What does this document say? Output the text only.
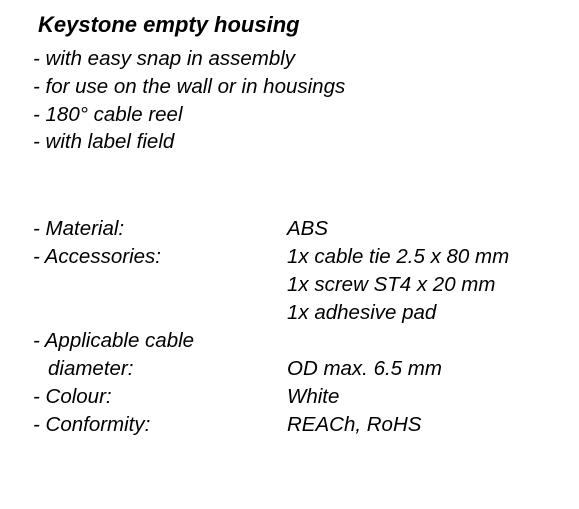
Keystone empty housing
- with easy snap in assembly
- for use on the wall or in housings
- 180° cable reel
- with label field
- Material:	ABS
- Accessories:	1x cable tie 2.5 x 80 mm
1x screw ST4 x 20 mm
1x adhesive pad
- Applicable cable
diameter:	OD max. 6.5 mm
- Colour:	White
- Conformity:	REACh, RoHS
